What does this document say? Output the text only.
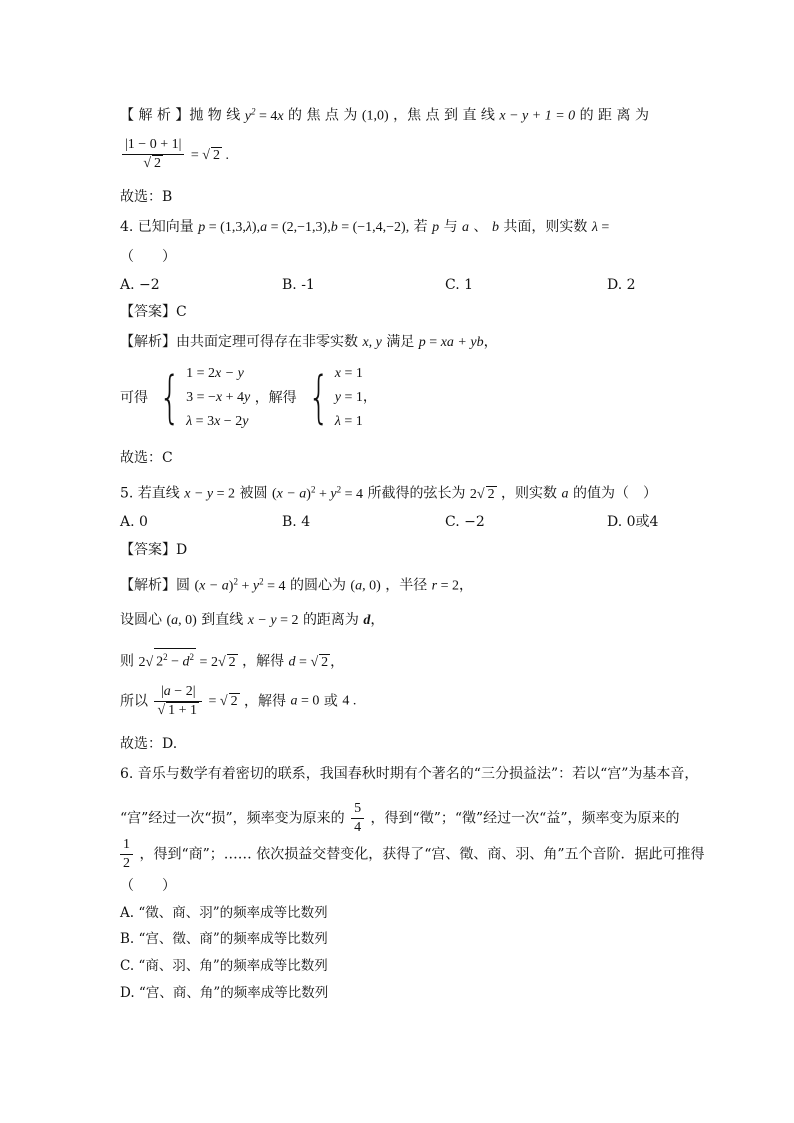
【 解 析 】抛 物 线 $y^2 = 4x$ 的 焦 点 为 (1,0) ，焦 点 到 直 线 x − y + 1 = 0 的 距 离 为
$\frac{|1 - 0 + 1|}{√ 2}$ = √ 2 .
故选：B
4. 已知向量 p = (1,3,λ),a = (2,−1,3),b = (−1,4,−2), 若 p 与 a 、 b 共面，则实数 λ =
（　　）
A. −2	B. -1	C. 1	D. 2
【答案】C
【解析】由共面定理可得存在非零实数 x, y 满足 p = xa + yb，
可得 { 1 = 2x − y
3 = −x + 4y
λ = 3x − 2y
，解得 { x = 1
y = 1，
λ = 1
故选：C
5. 若直线 x − y = 2 被圆 $(x - a)^2 + y^2 = 4$ 所截得的弦长为 2√ 2 ，则实数 a 的值为（　）
A. 0	B. 4	C. −2	D. 0或4
【答案】D
【解析】圆 $(x - a)^2 + y^2 = 4$ 的圆心为 (a, 0) ，半径 r = 2，
设圆心 (a, 0) 到直线 x − y = 2 的距离为 d，
则 2√ $2^2 - d^2 = 2√$ 2 ，解得 d = √ 2 ，
所以 $\frac{|a - 2|}{√ 1 + 1}$ = √ 2 ，解得 a = 0 或 4 .
故选：D.
6. 音乐与数学有着密切的联系，我国春秋时期有个著名的“三分损益法”：若以“宫”为基本音，
“宫”经过一次“损”，频率变为原来的 $\frac{5}{4}$ ，得到“徵”；“徵”经过一次“益”，频率变为原来的
$\frac{1}{2}$ ，得到“商”；…… 依次损益交替变化，获得了“宫、徵、商、羽、角”五个音阶．据此可推得
（　　）
A. “徵、商、羽”的频率成等比数列
B. “宫、徵、商”的频率成等比数列
C. “商、羽、角”的频率成等比数列
D. “宫、商、角”的频率成等比数列
